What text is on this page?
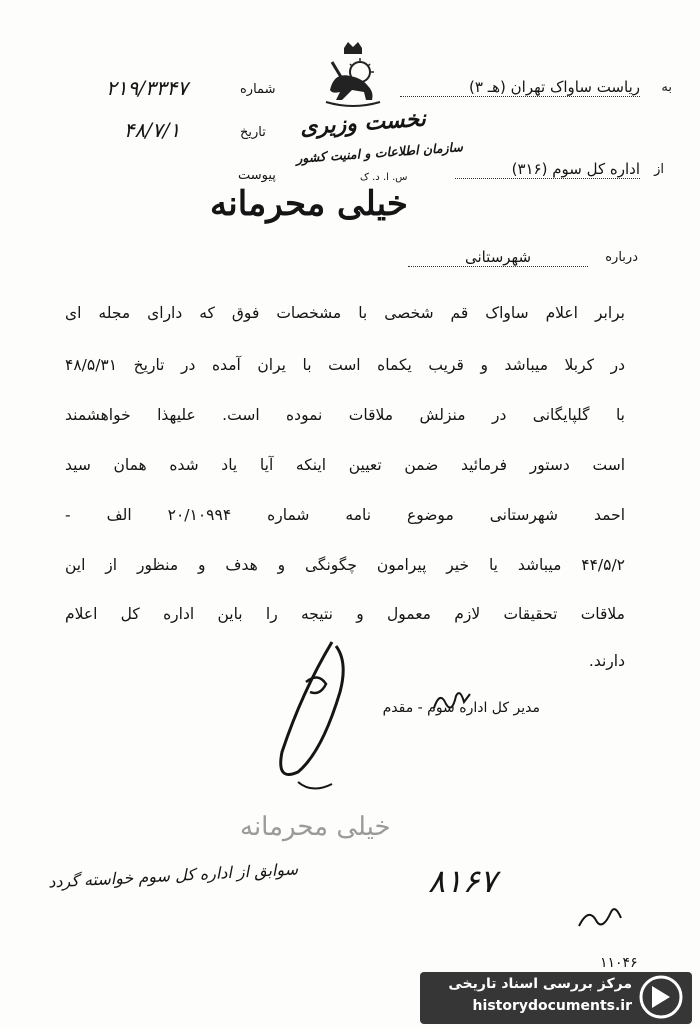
نخست وزیری
سازمان اطلاعات و امنیت کشور
به
ریاست ساواک تهران (هـ ۳)
از
اداره کل سوم (۳۱۶)
شماره
۲۱۹/۳۳۴۷
تاریخ
۴۸/۷/۱
پیوست	س. ا. د. ک
خیلی محرمانه
درباره
شهرستانی
برابر اعلام ساواک قم شخصی با مشخصات فوق که دارای مجله ای
در کربلا میباشد و قریب یکماه است با یران آمده در تاریخ ۴۸/۵/۳۱
با گلپایگانی در منزلش ملاقات نموده است. علیهذا خواهشمند
است دستور فرمائید ضمن تعیین اینکه آیا یاد شده همان سید
احمد شهرستانی موضوع نامه شماره ۲۰/۱۰۹۹۴ الف -
۴۴/۵/۲ میباشد یا خیر پیرامون چگونگی و هدف و منظور از این
ملاقات تحقیقات لازم معمول و نتیجه را باین اداره کل اعلام
دارند.
مدیر کل اداره سوم - مقدم
خیلی محرمانه
سوابق از اداره کل سوم خواسته گردد	۸۱۶۷
۱۱۰۴۶
مرکز بررسی اسناد تاریخی
historydocuments.ir
